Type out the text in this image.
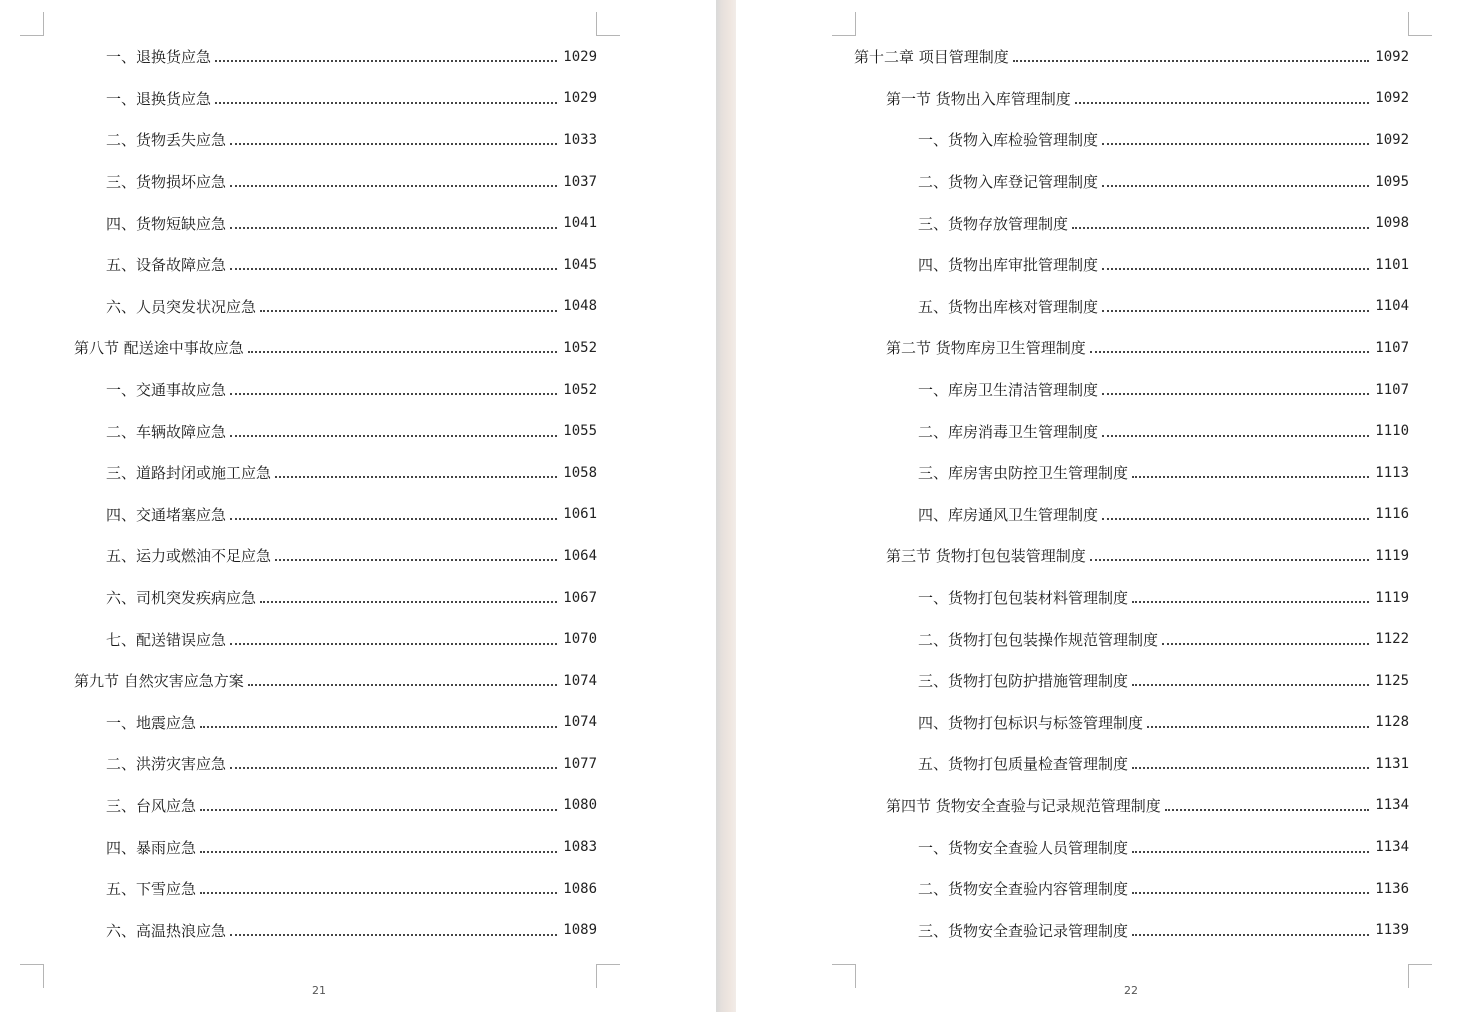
一、退换货应急	1029
一、退换货应急	1029
二、货物丢失应急	1033
三、货物损坏应急	1037
四、货物短缺应急	1041
五、设备故障应急	1045
六、人员突发状况应急	1048
第八节 配送途中事故应急	1052
一、交通事故应急	1052
二、车辆故障应急	1055
三、道路封闭或施工应急	1058
四、交通堵塞应急	1061
五、运力或燃油不足应急	1064
六、司机突发疾病应急	1067
七、配送错误应急	1070
第九节 自然灾害应急方案	1074
一、地震应急	1074
二、洪涝灾害应急	1077
三、台风应急	1080
四、暴雨应急	1083
五、下雪应急	1086
六、高温热浪应急	1089
21
第十二章 项目管理制度	1092
第一节 货物出入库管理制度	1092
一、货物入库检验管理制度	1092
二、货物入库登记管理制度	1095
三、货物存放管理制度	1098
四、货物出库审批管理制度	1101
五、货物出库核对管理制度	1104
第二节 货物库房卫生管理制度	1107
一、库房卫生清洁管理制度	1107
二、库房消毒卫生管理制度	1110
三、库房害虫防控卫生管理制度	1113
四、库房通风卫生管理制度	1116
第三节 货物打包包装管理制度	1119
一、货物打包包装材料管理制度	1119
二、货物打包包装操作规范管理制度	1122
三、货物打包防护措施管理制度	1125
四、货物打包标识与标签管理制度	1128
五、货物打包质量检查管理制度	1131
第四节 货物安全查验与记录规范管理制度	1134
一、货物安全查验人员管理制度	1134
二、货物安全查验内容管理制度	1136
三、货物安全查验记录管理制度	1139
22
